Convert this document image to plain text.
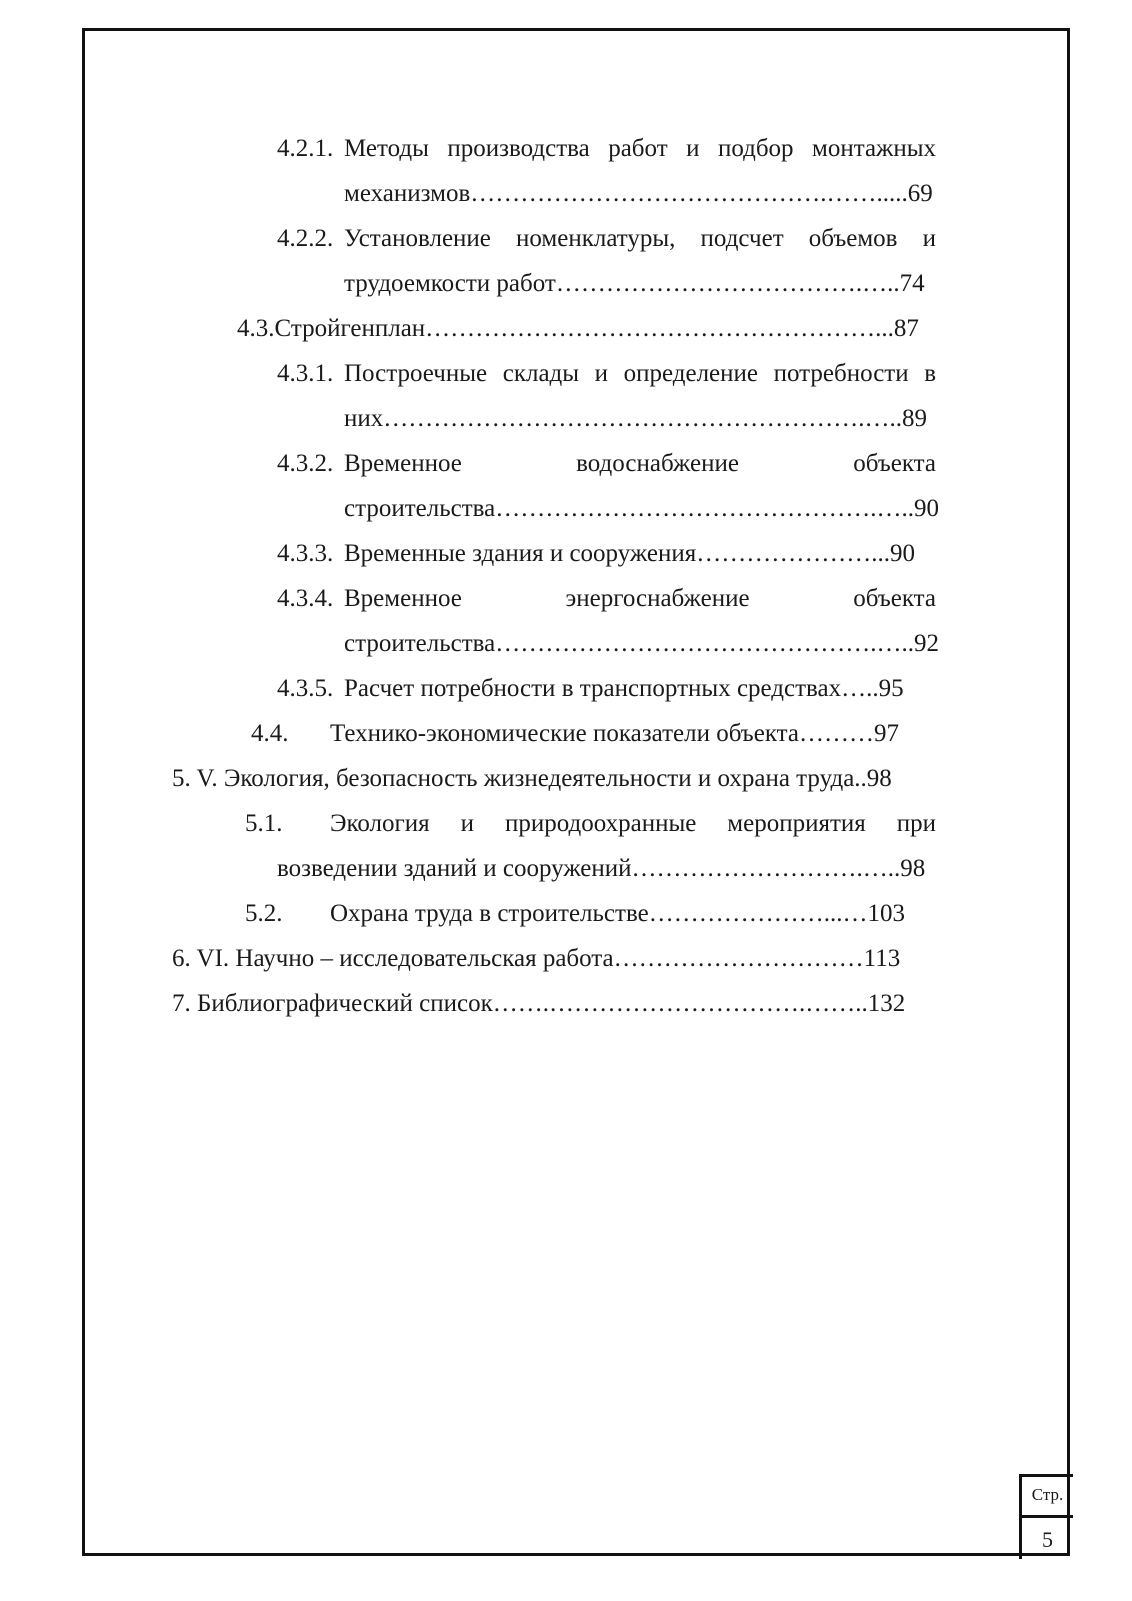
4.2.1. Методы производства работ и подбор монтажных
механизмов…………………………………….…….....69
4.2.2. Установление номенклатуры, подсчет объемов и
трудоемкости работ……………………………….…..74
4.3.Стройгенплан………………………………………………...87
4.3.1. Построечные склады и определение потребности в
них………………………………………………….…..89
4.3.2. Временное водоснабжение объекта
строительства……………………………………….…..90
4.3.3. Временные здания и сооружения…………………...90
4.3.4. Временное энергоснабжение объекта
строительства……………………………………….…..92
4.3.5. Расчет потребности в транспортных средствах…..95
4.4. Технико-экономические показатели объекта………97
5. V. Экология, безопасность жизнедеятельности и охрана труда..98
5.1. Экология и природоохранные мероприятия при
возведении зданий и сооружений……………………….…..98
5.2. Охрана труда в строительстве…………………...…103
6. VI. Научно – исследовательская работа…………………………113
7. Библиографический список…….………………………….……..132
Стр.
5
